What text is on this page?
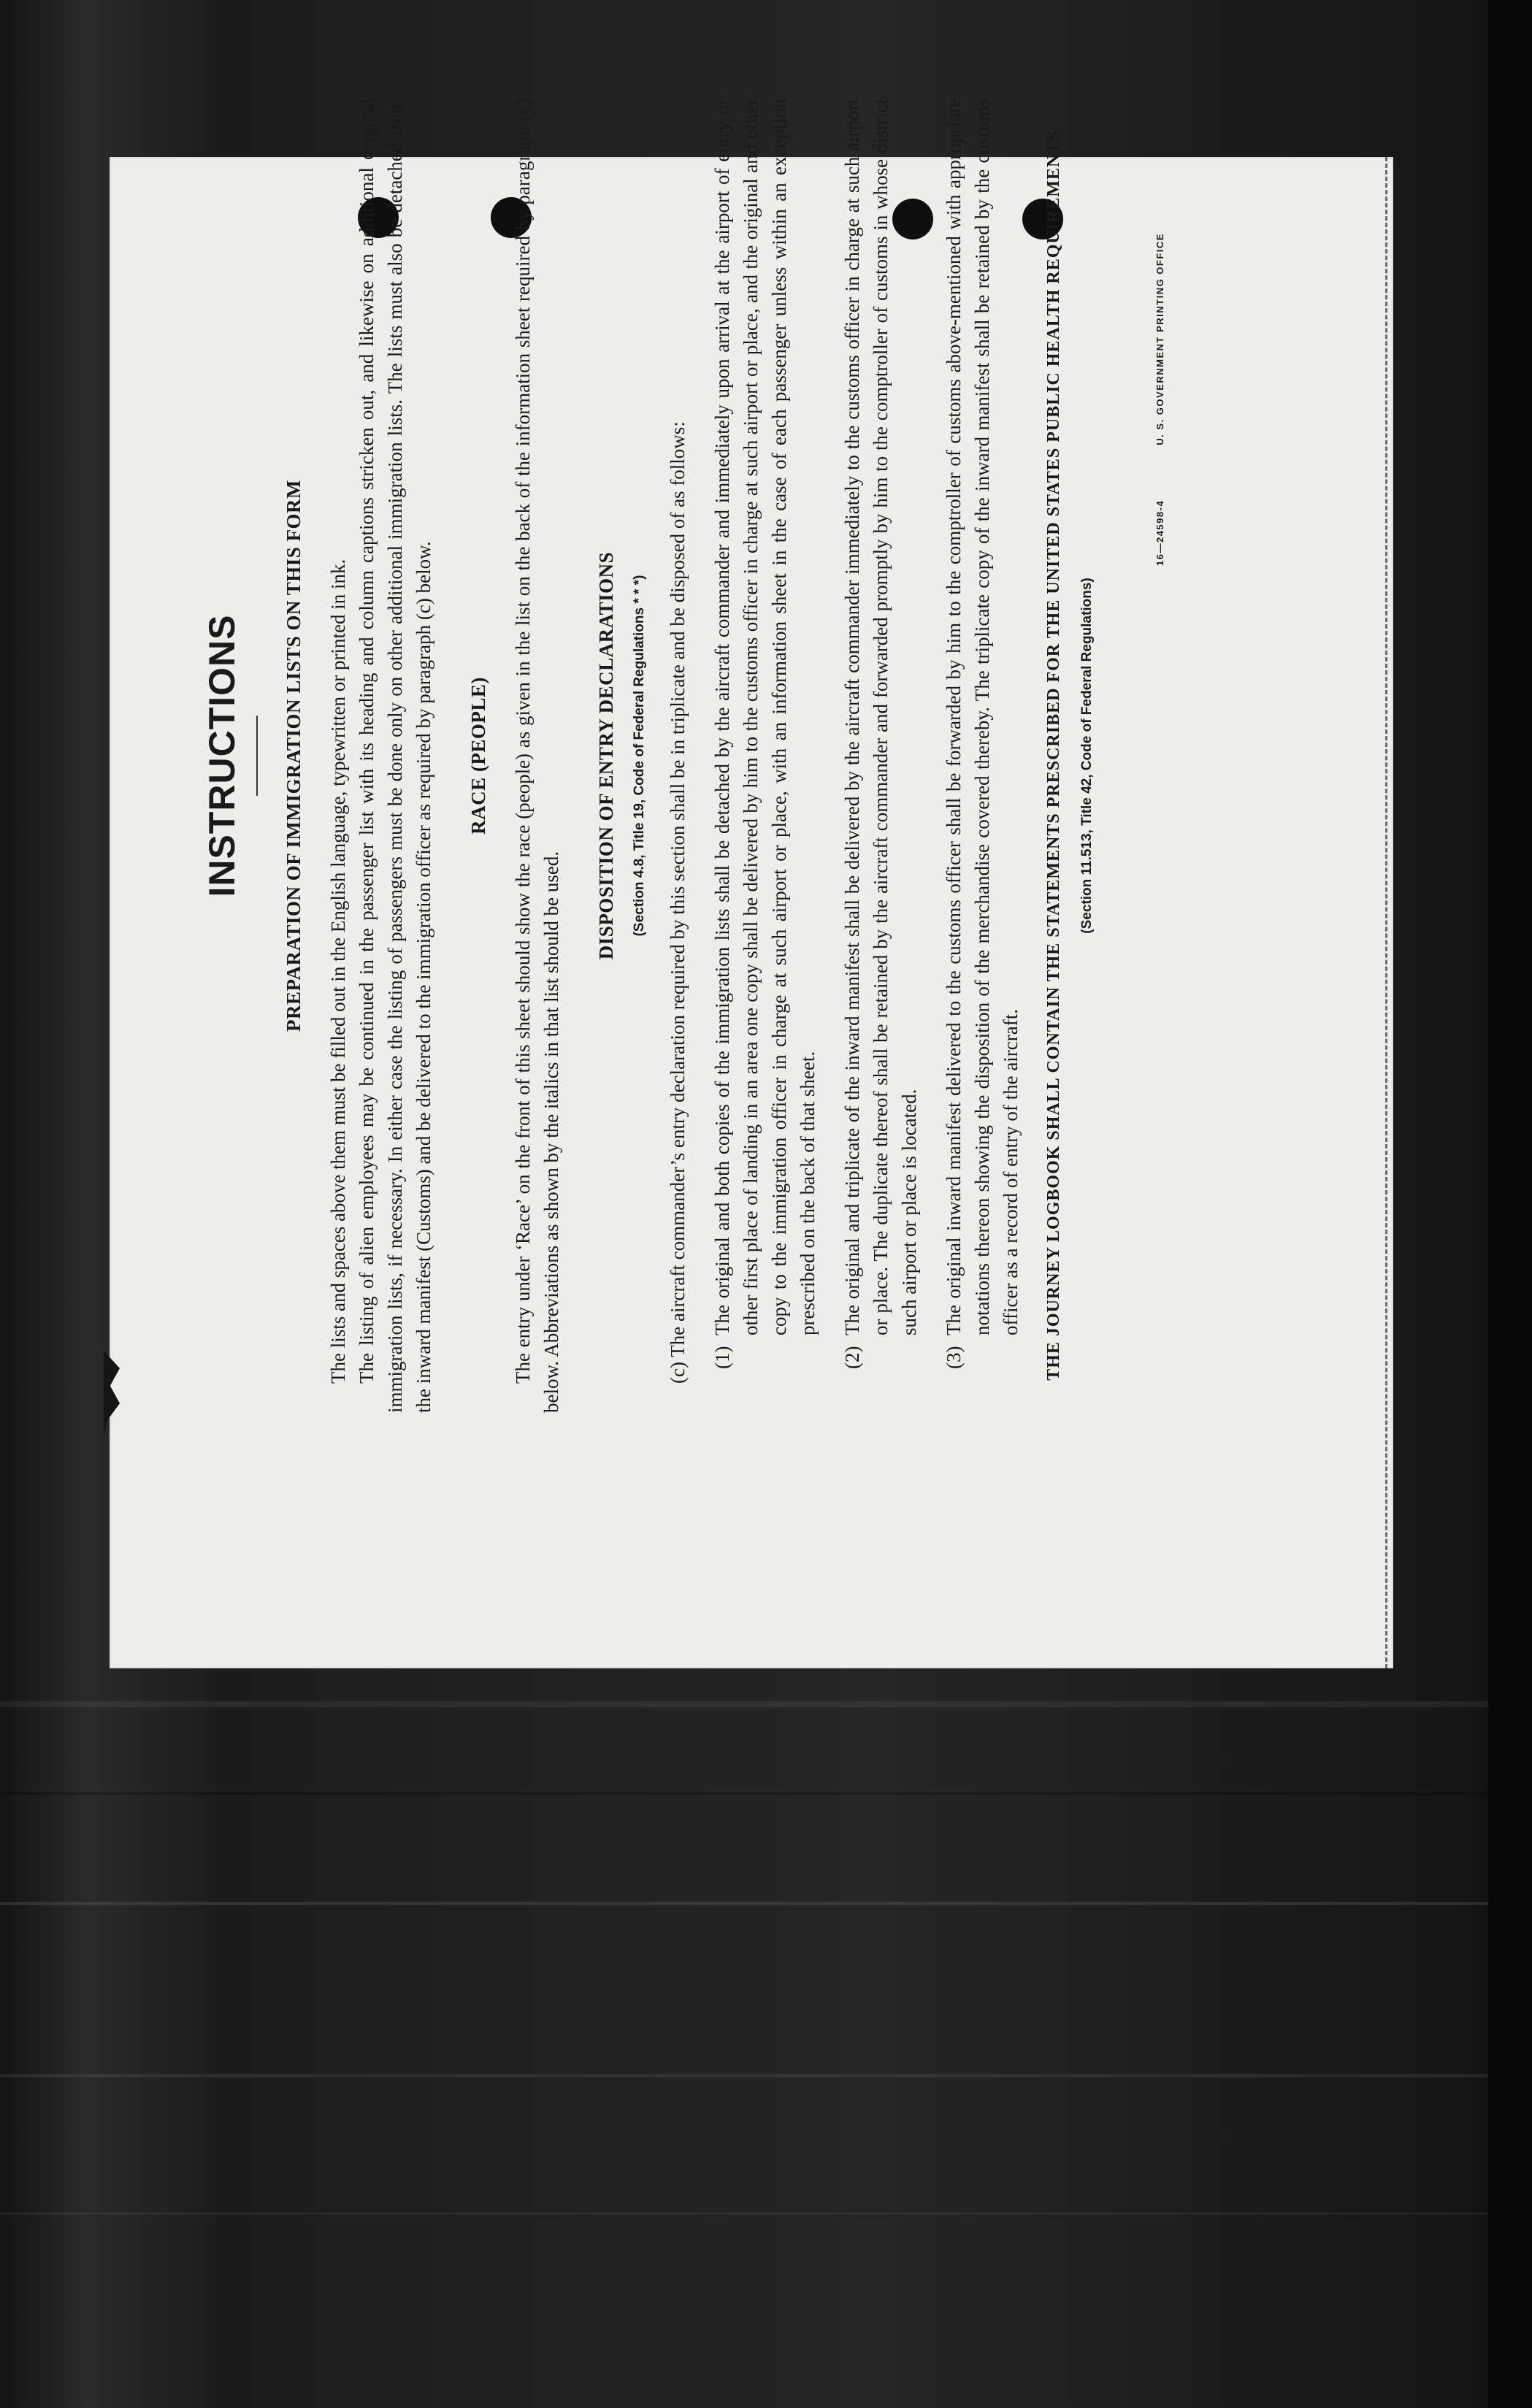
INSTRUCTIONS PREPARATION OF IMMIGRATION LISTS ON THIS FORM The lists and spaces above them must be filled out in the English language, typewritten or printed in ink. The listing of alien employees may be continued in the passenger list with its heading and column captions stricken out, and likewise on additional original immigration lists, if necessary. In either case the listing of passengers must be done only on other additional immigration lists. The lists must also be detached from the inward manifest (Customs) and be delivered to the immigration officer as required by paragraph (c) below. RACE (PEOPLE) The entry under ‘Race’ on the front of this sheet should show the race (people) as given in the list on the back of the information sheet required by paragraph (c) below. Abbreviations as shown by the italics in that list should be used.

DISPOSITION OF ENTRY DECLARATIONS	(Section 4.8, Title 19, Code of Federal Regulations * * *)	(c) The aircraft commander’s entry declaration required by this section shall be in triplicate and be disposed of as follows: (1)
The original and both copies of the immigration lists shall be detached by the aircraft commander and immediately upon arrival at the airport of entry or other first place of landing in an area one copy shall be delivered by him to the customs officer in charge at such airport or place, and the original and other copy to the immigration officer in charge at such airport or place, with an information sheet in the case of each passenger unless within an exception prescribed on the back of that sheet.
(2)
The original and triplicate of the inward manifest shall be delivered by the aircraft commander immediately to the customs officer in charge at such airport or place. The duplicate thereof shall be retained by the aircraft commander and forwarded promptly by him to the comptroller of customs in whose district such airport or place is located.
(3)
The original inward manifest delivered to the customs officer shall be forwarded by him to the comptroller of customs above-mentioned with appropriate notations thereon showing the disposition of the merchandise covered thereby. The triplicate copy of the inward manifest shall be retained by the customs officer as a record of entry of the aircraft. THE JOURNEY LOGBOOK SHALL CONTAIN THE STATEMENTS PRESCRIBED FOR THE UNITED STATES PUBLIC HEALTH REQUIREMENTS	(Section 11.513, Title 42, Code of Federal Regulations)
16—24598-4 U. S. GOVERNMENT PRINTING OFFICE
